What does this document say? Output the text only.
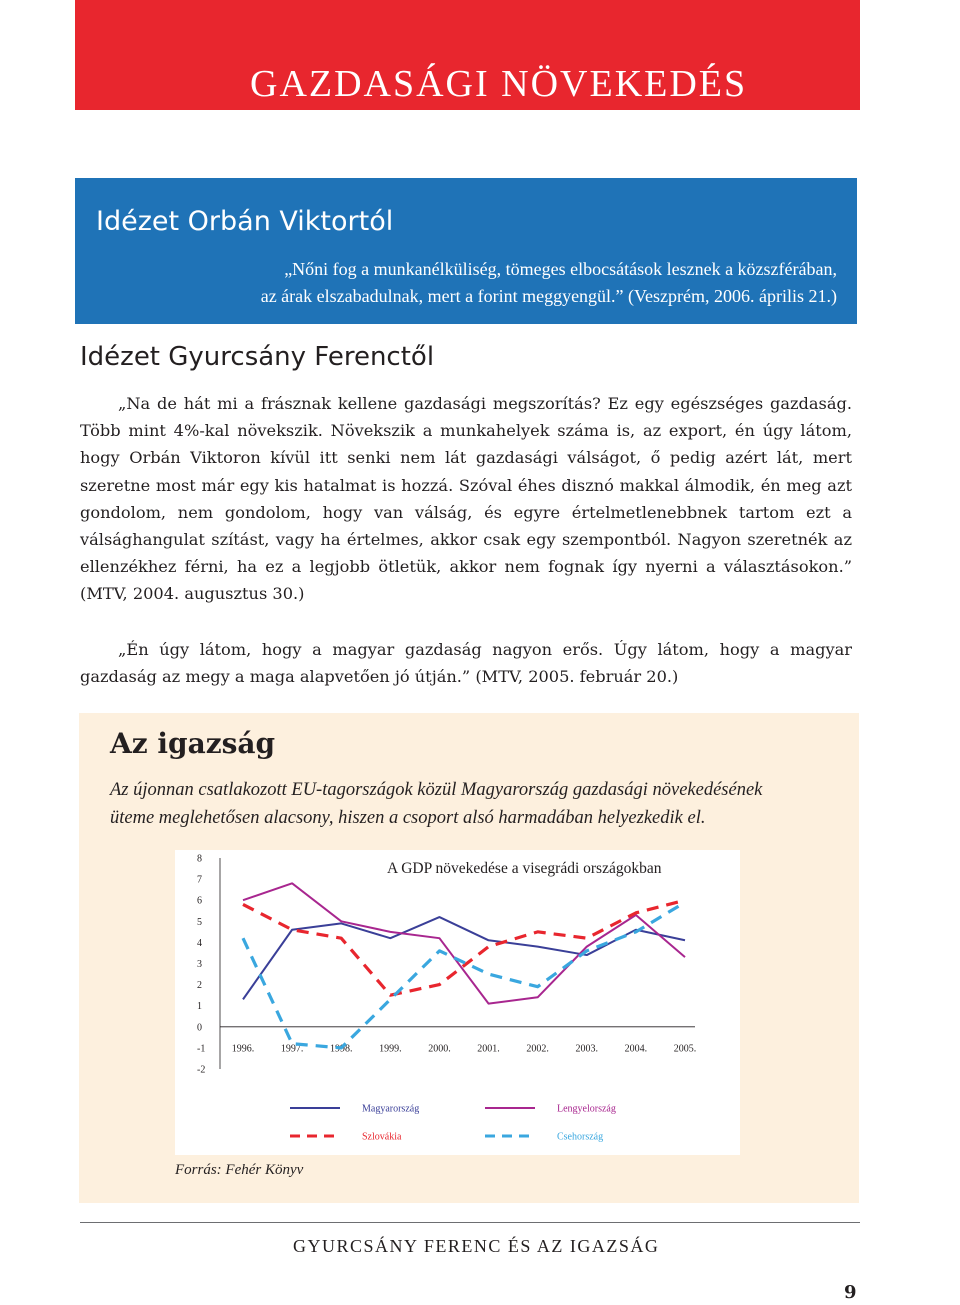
GAZDASÁGI NÖVEKEDÉS
Idézet Orbán Viktortól
„Nőni fog a munkanélküliség, tömeges elbocsátások lesznek a közszférában,
az árak elszabadulnak, mert a forint meggyengül.” (Veszprém, 2006. április 21.)
Idézet Gyurcsány Ferenctől

„Na de hát mi a frásznak kellene gazdasági megszorítás? Ez egy egészséges gazdaság. Több mint 4%-kal növekszik. Növekszik a munkahelyek száma is, az export, én úgy látom, hogy Orbán Viktoron kívül itt senki nem lát gazdasági válságot, ő pedig azért lát, mert szeretne most már egy kis hatalmat is hozzá. Szóval éhes disznó makkal álmodik, én meg azt gondolom, nem gondolom, hogy van válság, és egyre értelmetlenebbnek tartom ezt a válsághangulat szítást, vagy ha értelmes, akkor csak egy szempontból. Nagyon szeretnék az ellenzékhez férni, ha ez a legjobb ötletük, akkor nem fognak így nyerni a választásokon.” (MTV, 2004. augusztus 30.)

„Én úgy látom, hogy a magyar gazdaság nagyon erős. Úgy látom, hogy a magyar gazdaság az megy a maga alapvetően jó útján.” (MTV, 2005. február 20.)

Az igazság

Az újonnan csatlakozott EU-tagországok közül Magyarország gazdasági növekedésének üteme meglehetősen alacsony, hiszen a csoport alsó harmadában helyezkedik el.

8
7
6
5
4
3
2
1
0
-1
-2
1996.	1997.	1998.	1999.	2000.	2001.	2002.	2003.	2004.	2005.
Magyarország	Lengyelország
Szlovákia	Csehország
A GDP növekedése a visegrádi országokban
Forrás: Fehér Könyv
GYURCSÁNY FERENC ÉS AZ IGAZSÁG
9
